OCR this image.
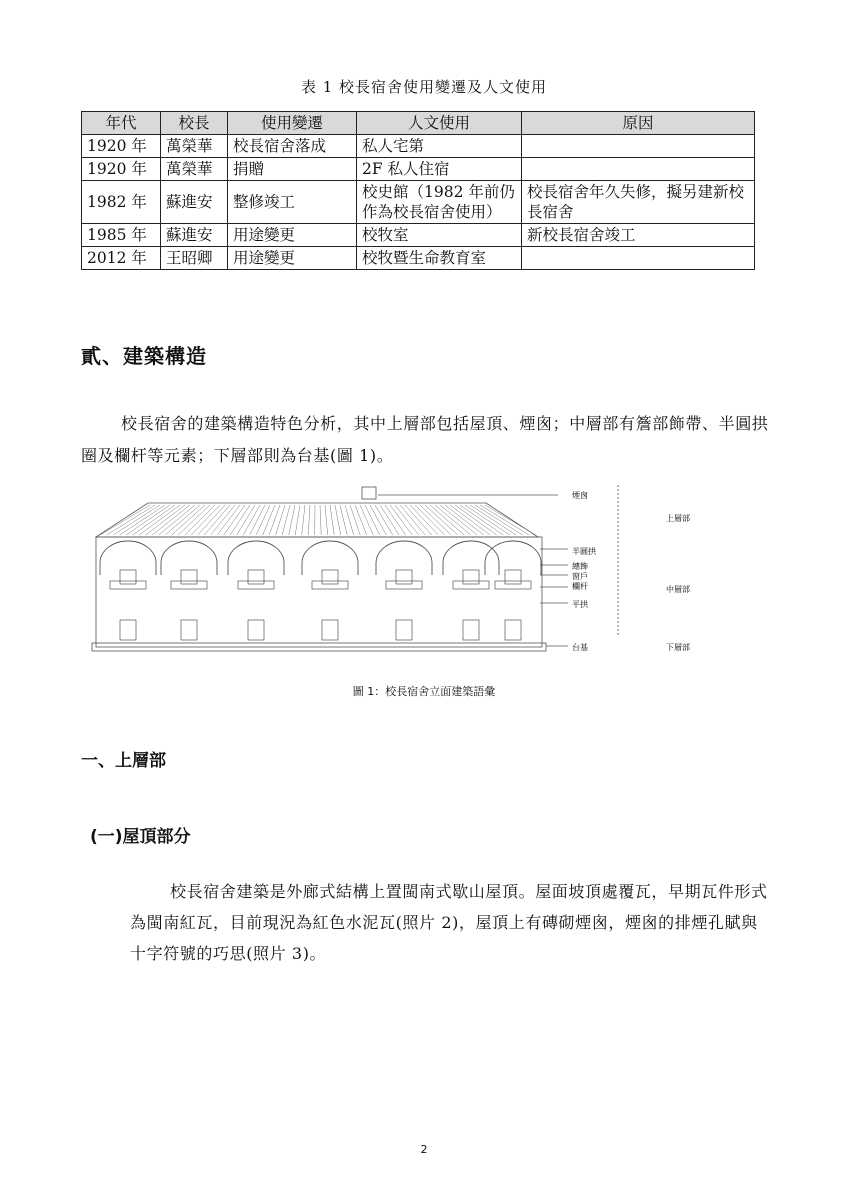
表 1 校長宿舍使用變遷及人文使用
年代	校長	使用變遷	人文使用	原因
1920 年	萬榮華	校長宿舍落成	私人宅第	
1920 年	萬榮華	捐贈	2F 私人住宿	
1982 年	蘇進安	整修竣工	校史館（1982 年前仍作為校長宿舍使用）	校長宿舍年久失修，擬另建新校長宿舍
1985 年	蘇進安	用途變更	校牧室	新校長宿舍竣工
2012 年	王昭卿	用途變更	校牧暨生命教育室	
貳、建築構造
校長宿舍的建築構造特色分析，其中上層部包括屋頂、煙囪；中層部有簷部飾帶、半圓拱圈及欄杆等元素；下層部則為台基(圖 1)。
煙囪
上層部
半圓拱
繐飾
窗戶
欄杆	中層部
平拱
台基	下層部
圖 1：校長宿舍立面建築語彙
一、上層部
(一)屋頂部分
校長宿舍建築是外廊式結構上置閩南式歇山屋頂。屋面坡頂處覆瓦，早期瓦件形式為閩南紅瓦，目前現況為紅色水泥瓦(照片 2)，屋頂上有磚砌煙囪，煙囪的排煙孔賦與十字符號的巧思(照片 3)。
2
